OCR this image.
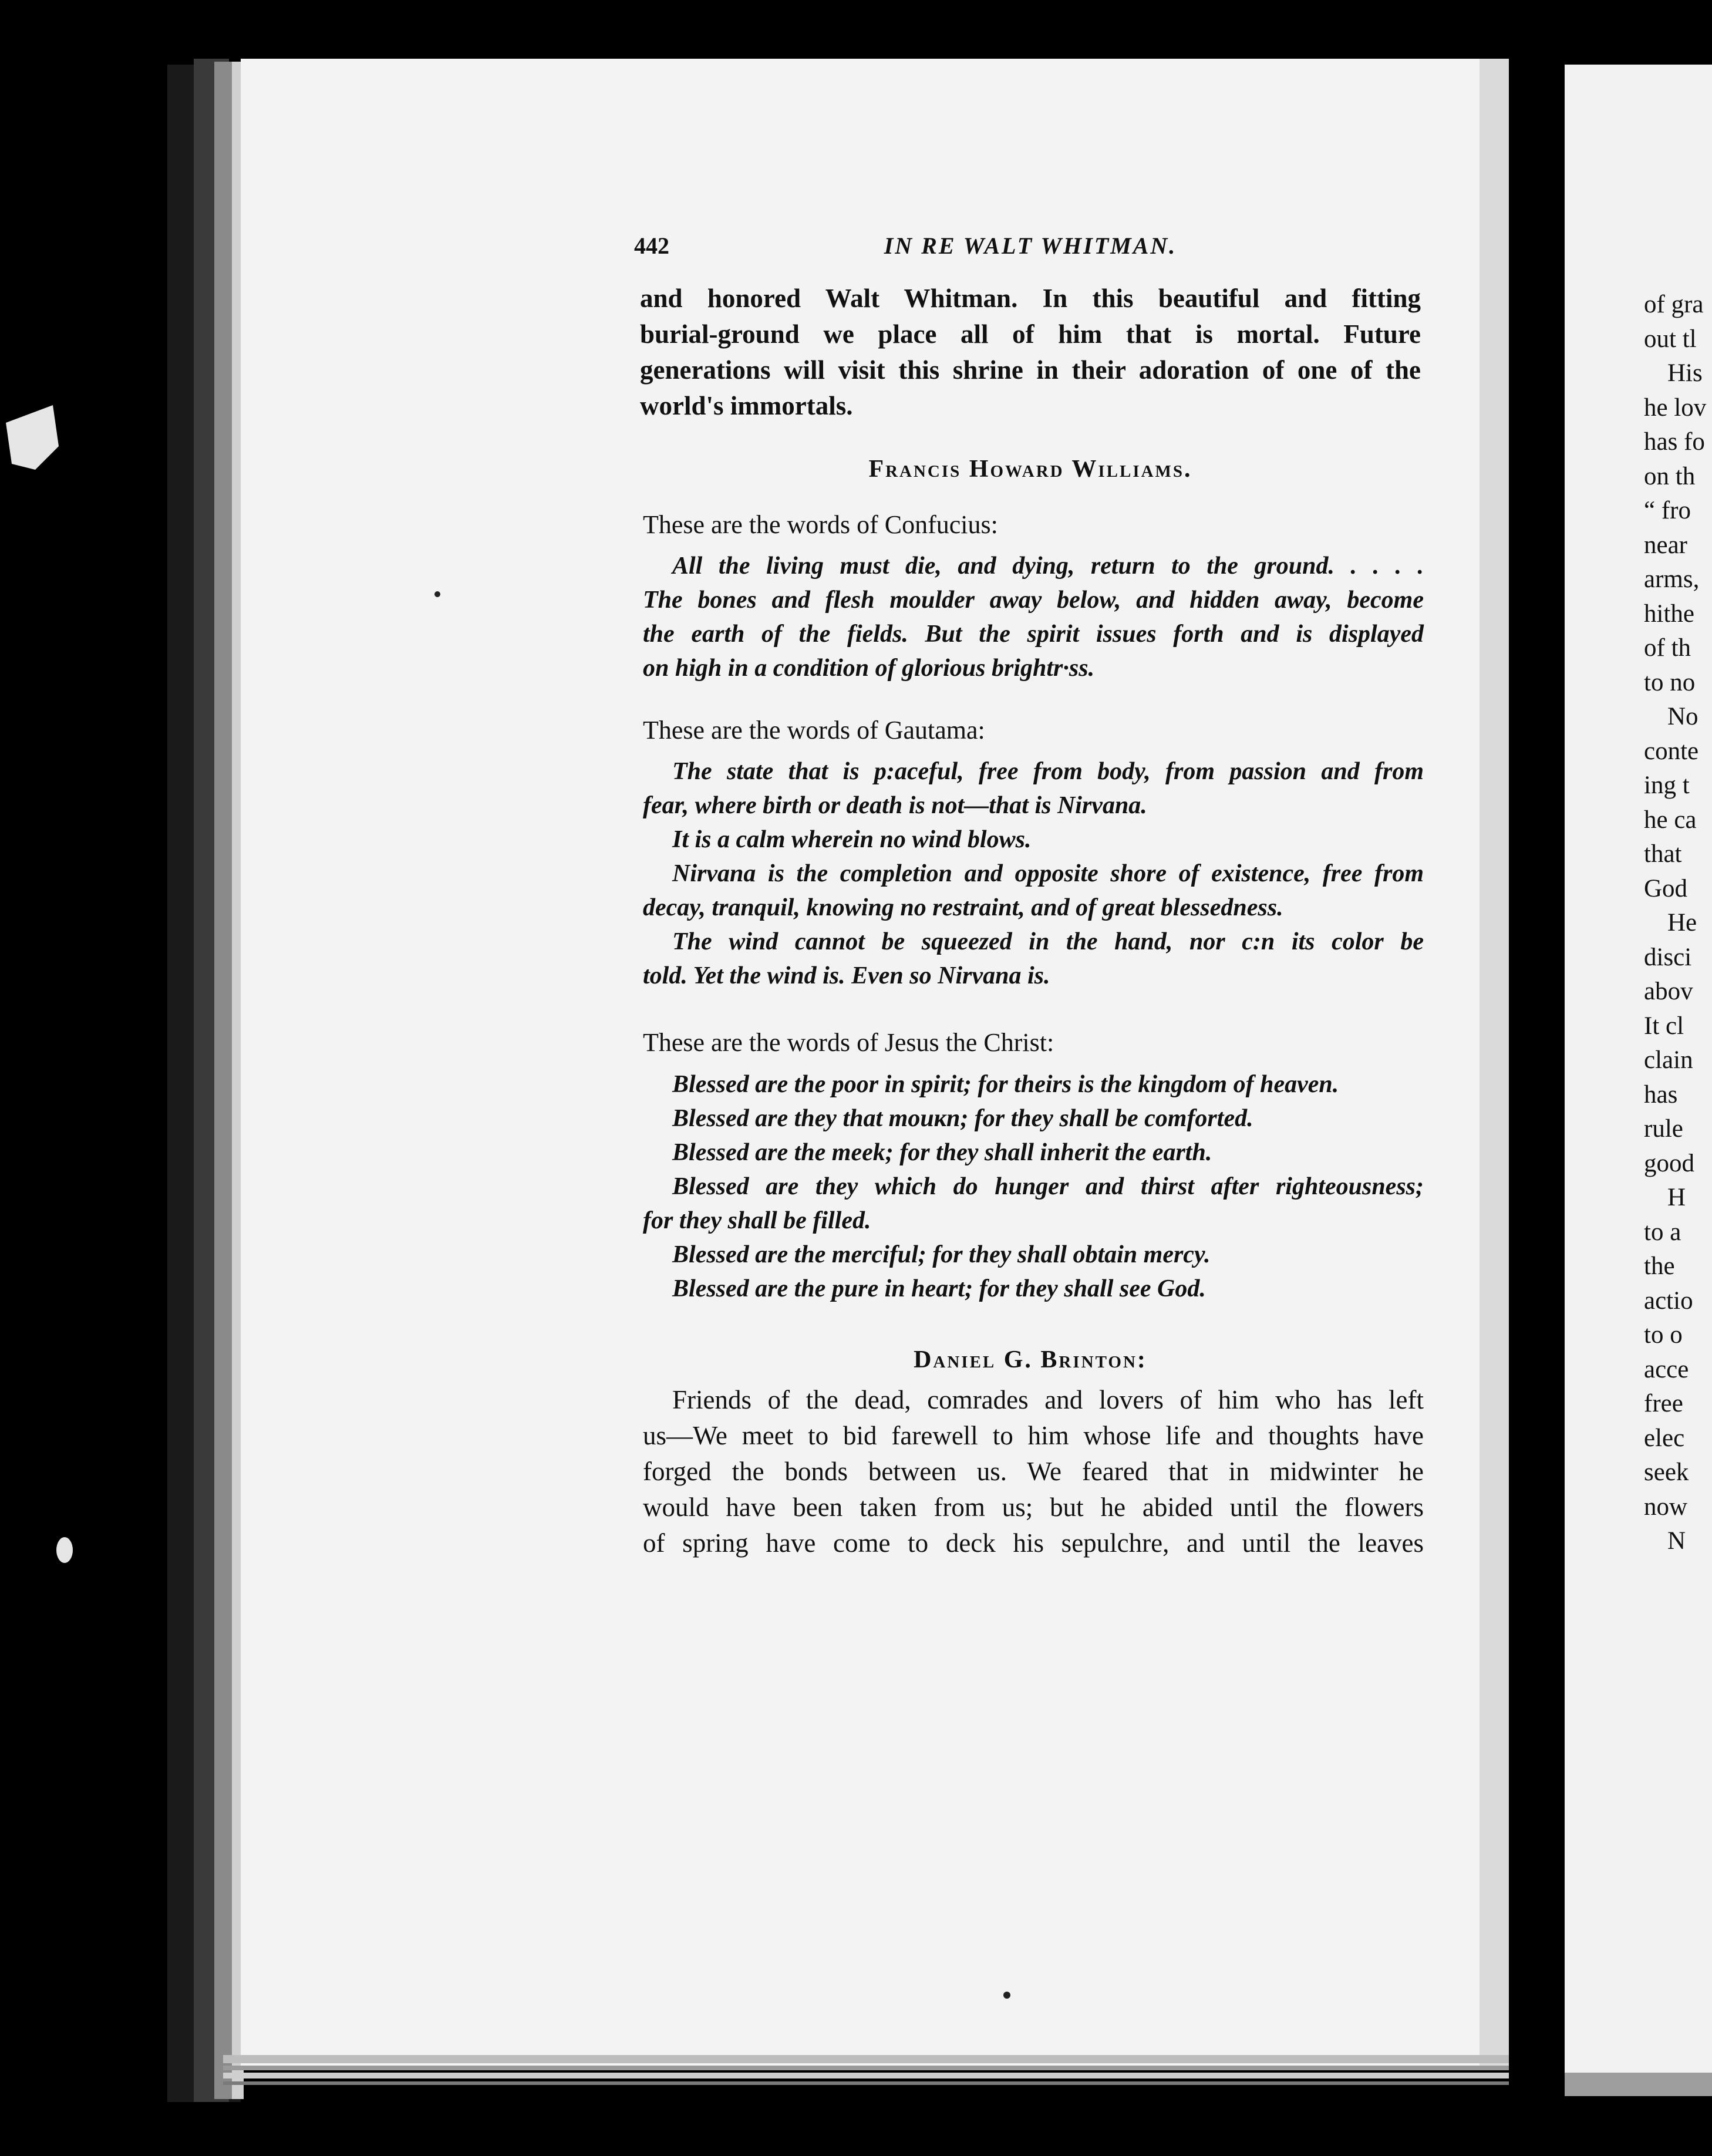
442	IN RE WALT WHITMAN.
and honored Walt Whitman. In this beautiful and fitting
burial-ground we place all of him that is mortal. Future
generations will visit this shrine in their adoration of one of the
world's immortals.
Francis Howard Williams.
These are the words of Confucius:
All the living must die, and dying, return to the ground. . . . .
The bones and flesh moulder away below, and hidden away, become
the earth of the fields. But the spirit issues forth and is displayed
on high in a condition of glorious brightr·ss.
These are the words of Gautama:
The state that is p:aceful, free from body, from passion and from
fear, where birth or death is not—that is Nirvana.
It is a calm wherein no wind blows.
Nirvana is the completion and opposite shore of existence, free from
decay, tranquil, knowing no restraint, and of great blessedness.
The wind cannot be squeezed in the hand, nor c:n its color be
told. Yet the wind is. Even so Nirvana is.
These are the words of Jesus the Christ:
Blessed are the poor in spirit; for theirs is the kingdom of heaven.
Blessed are they that mouкn; for they shall be comforted.
Blessed are the meek; for they shall inherit the earth.
Blessed are they which do hunger and thirst after righteousness;
for they shall be filled.
Blessed are the merciful; for they shall obtain mercy.
Blessed are the pure in heart; for they shall see God.
Daniel G. Brinton:
Friends of the dead, comrades and lovers of him who has left
us—We meet to bid farewell to him whose life and thoughts have
forged the bonds between us. We feared that in midwinter he
would have been taken from us; but he abided until the flowers
of spring have come to deck his sepulchre, and until the leaves
of gra
out tl
His
he lov
has fo
on th
“ fro
near
arms,
hithe
of th
to no
No
conte
ing t
he ca
that
God
He
disci
abov
It cl
clain
has
rule
good
H
to a
the
actio
to o
acce
free
elec
seek
now
N
